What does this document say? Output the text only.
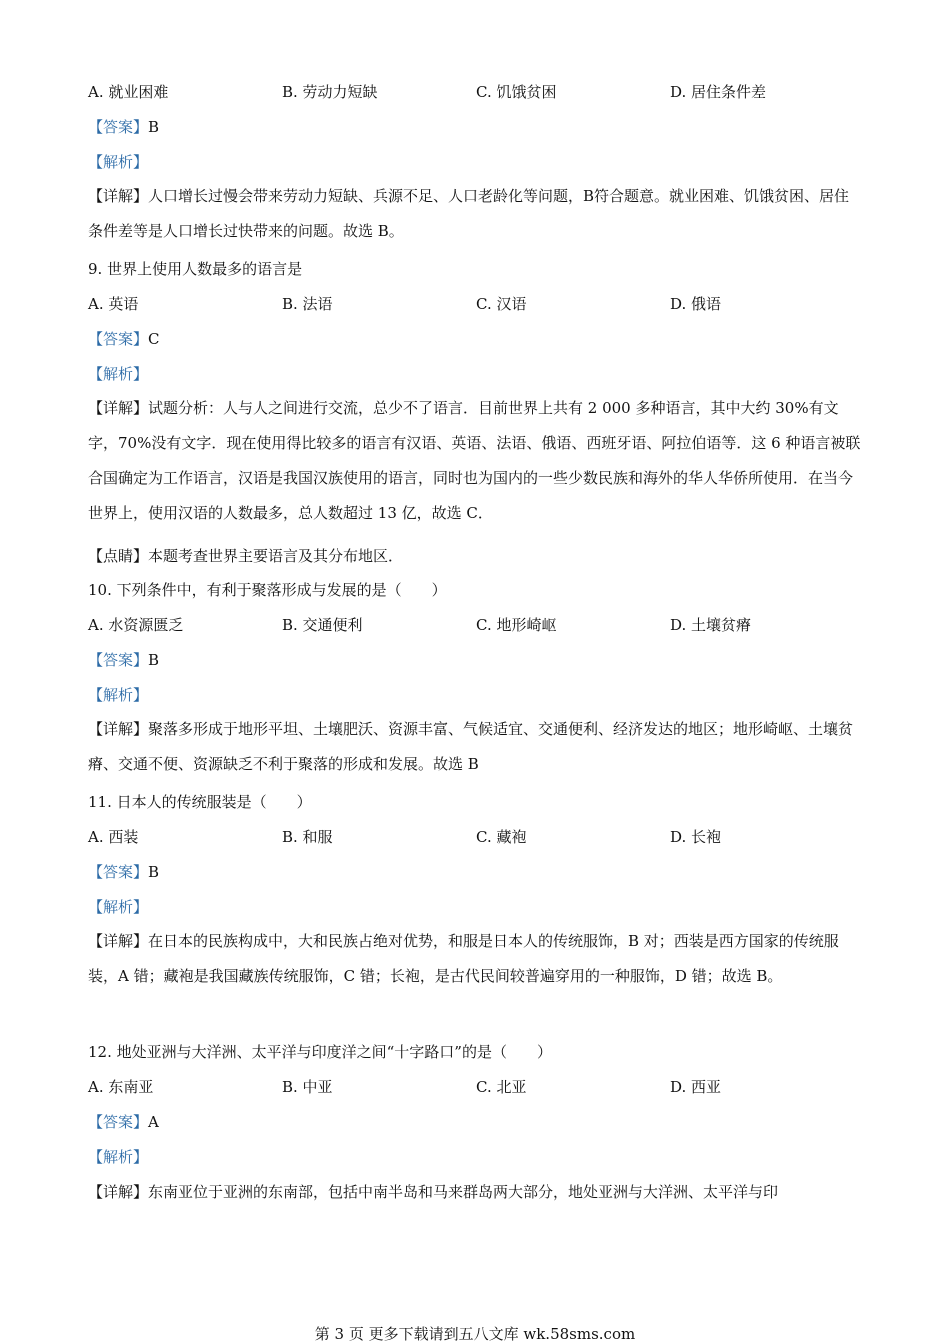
A. 就业困难	B. 劳动力短缺	C. 饥饿贫困	D. 居住条件差
【答案】B
【解析】
【详解】人口增长过慢会带来劳动力短缺、兵源不足、人口老龄化等问题，B符合题意。就业困难、饥饿贫困、居住条件差等是人口增长过快带来的问题。故选 B。
9. 世界上使用人数最多的语言是
A. 英语	B. 法语	C. 汉语	D. 俄语
【答案】C
【解析】
【详解】试题分析：人与人之间进行交流，总少不了语言．目前世界上共有 2 000 多种语言，其中大约 30%有文字，70%没有文字．现在使用得比较多的语言有汉语、英语、法语、俄语、西班牙语、阿拉伯语等．这 6 种语言被联合国确定为工作语言，汉语是我国汉族使用的语言，同时也为国内的一些少数民族和海外的华人华侨所使用．在当今世界上，使用汉语的人数最多，总人数超过 13 亿，故选 C．
【点睛】本题考查世界主要语言及其分布地区．
10. 下列条件中，有利于聚落形成与发展的是（　　）
A. 水资源匮乏	B. 交通便利	C. 地形崎岖	D. 土壤贫瘠
【答案】B
【解析】
【详解】聚落多形成于地形平坦、土壤肥沃、资源丰富、气候适宜、交通便利、经济发达的地区；地形崎岖、土壤贫瘠、交通不便、资源缺乏不利于聚落的形成和发展。故选 B
11. 日本人的传统服装是（　　）
A. 西装	B. 和服	C. 藏袍	D. 长袍
【答案】B
【解析】
【详解】在日本的民族构成中，大和民族占绝对优势，和服是日本人的传统服饰，B 对；西装是西方国家的传统服装，A 错；藏袍是我国藏族传统服饰，C 错；长袍，是古代民间较普遍穿用的一种服饰，D 错；故选 B。
12. 地处亚洲与大洋洲、太平洋与印度洋之间“十字路口”的是（　　）
A. 东南亚	B. 中亚	C. 北亚	D. 西亚
【答案】A
【解析】
【详解】东南亚位于亚洲的东南部，包括中南半岛和马来群岛两大部分，地处亚洲与大洋洲、太平洋与印
第 3 页 更多下载请到五八文库 wk.58sms.com
